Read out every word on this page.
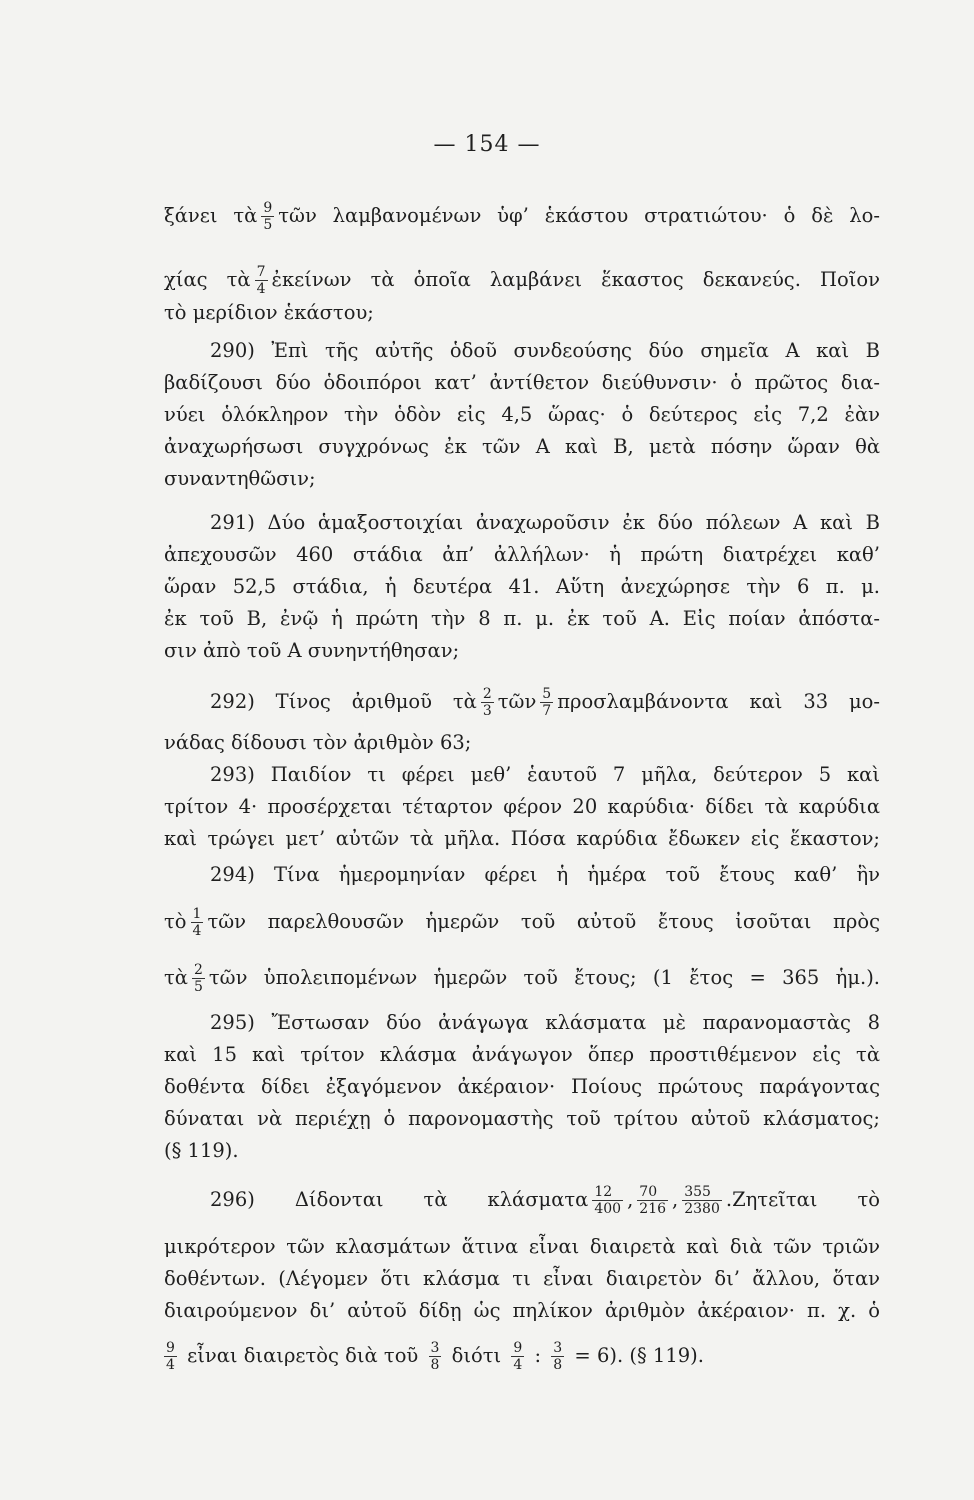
— 154 —
ξάνει τὰ $\frac{9}{5}$ τῶν λαμβανομένων ὑφ’ ἑκάστου στρατιώτου· ὁ δὲ λο-
χίας τὰ $\frac{7}{4}$ ἐκείνων τὰ ὁποῖα λαμβάνει ἕκαστος δεκανεύς. Ποῖον
τὸ μερίδιον ἑκάστου;
290) Ἐπὶ τῆς αὐτῆς ὁδοῦ συνδεούσης δύο σημεῖα Α καὶ Β
βαδίζουσι δύο ὁδοιπόροι κατ’ ἀντίθετον διεύθυνσιν· ὁ πρῶτος δια-
νύει ὁλόκληρον τὴν ὁδὸν εἰς 4,5 ὥρας· ὁ δεύτερος εἰς 7,2 ἐὰν
ἀναχωρήσωσι συγχρόνως ἐκ τῶν Α καὶ Β, μετὰ πόσην ὥραν θὰ
συναντηθῶσιν;
291) Δύο ἁμαξοστοιχίαι ἀναχωροῦσιν ἐκ δύο πόλεων Α καὶ Β
ἀπεχουσῶν 460 στάδια ἀπ’ ἀλλήλων· ἡ πρώτη διατρέχει καθ’
ὥραν 52,5 στάδια, ἡ δευτέρα 41. Αὕτη ἀνεχώρησε τὴν 6 π. μ.
ἐκ τοῦ Β, ἐνῷ ἡ πρώτη τὴν 8 π. μ. ἐκ τοῦ Α. Εἰς ποίαν ἀπόστα-
σιν ἀπὸ τοῦ Α συνηντήθησαν;
292) Τίνος ἀριθμοῦ τὰ $\frac{2}{3}$ τῶν $\frac{5}{7}$ προσλαμβάνοντα καὶ 33 μο-
νάδας δίδουσι τὸν ἀριθμὸν 63;
293) Παιδίον τι φέρει μεθ’ ἑαυτοῦ 7 μῆλα, δεύτερον 5 καὶ
τρίτον 4· προσέρχεται τέταρτον φέρον 20 καρύδια· δίδει τὰ καρύδια
καὶ τρώγει μετ’ αὐτῶν τὰ μῆλα. Πόσα καρύδια ἔδωκεν εἰς ἕκαστον;
294) Τίνα ἡμερομηνίαν φέρει ἡ ἡμέρα τοῦ ἔτους καθ’ ἣν
τὸ $\frac{1}{4}$ τῶν παρελθουσῶν ἡμερῶν τοῦ αὐτοῦ ἔτους ἰσοῦται πρὸς
τὰ $\frac{2}{5}$ τῶν ὑπολειπομένων ἡμερῶν τοῦ ἔτους; (1 ἔτος = 365 ἡμ.).
295) Ἔστωσαν δύο ἀνάγωγα κλάσματα μὲ παρανομαστὰς 8
καὶ 15 καὶ τρίτον κλάσμα ἀνάγωγον ὅπερ προστιθέμενον εἰς τὰ
δοθέντα δίδει ἐξαγόμενον ἀκέραιον· Ποίους πρώτους παράγοντας
δύναται νὰ περιέχῃ ὁ παρονομαστὴς τοῦ τρίτου αὐτοῦ κλάσματος;
(§ 119).
296) Δίδονται τὰ κλάσματα $\frac{12}{400}$ , $\frac{70}{216}$ , $\frac{355}{2380}$ .Ζητεῖται τὸ
μικρότερον τῶν κλασμάτων ἅτινα εἶναι διαιρετὰ καὶ διὰ τῶν τριῶν
δοθέντων. (Λέγομεν ὅτι κλάσμα τι εἶναι διαιρετὸν δι’ ἄλλου, ὅταν
διαιρούμενον δι’ αὐτοῦ δίδῃ ὡς πηλίκον ἀριθμὸν ἀκέραιον· π. χ. ὁ
$\frac{9}{4}$ εἶναι διαιρετὸς διὰ τοῦ $\frac{3}{8}$ διότι $\frac{9}{4}$ : $\frac{3}{8} = 6$). (§ 119).
